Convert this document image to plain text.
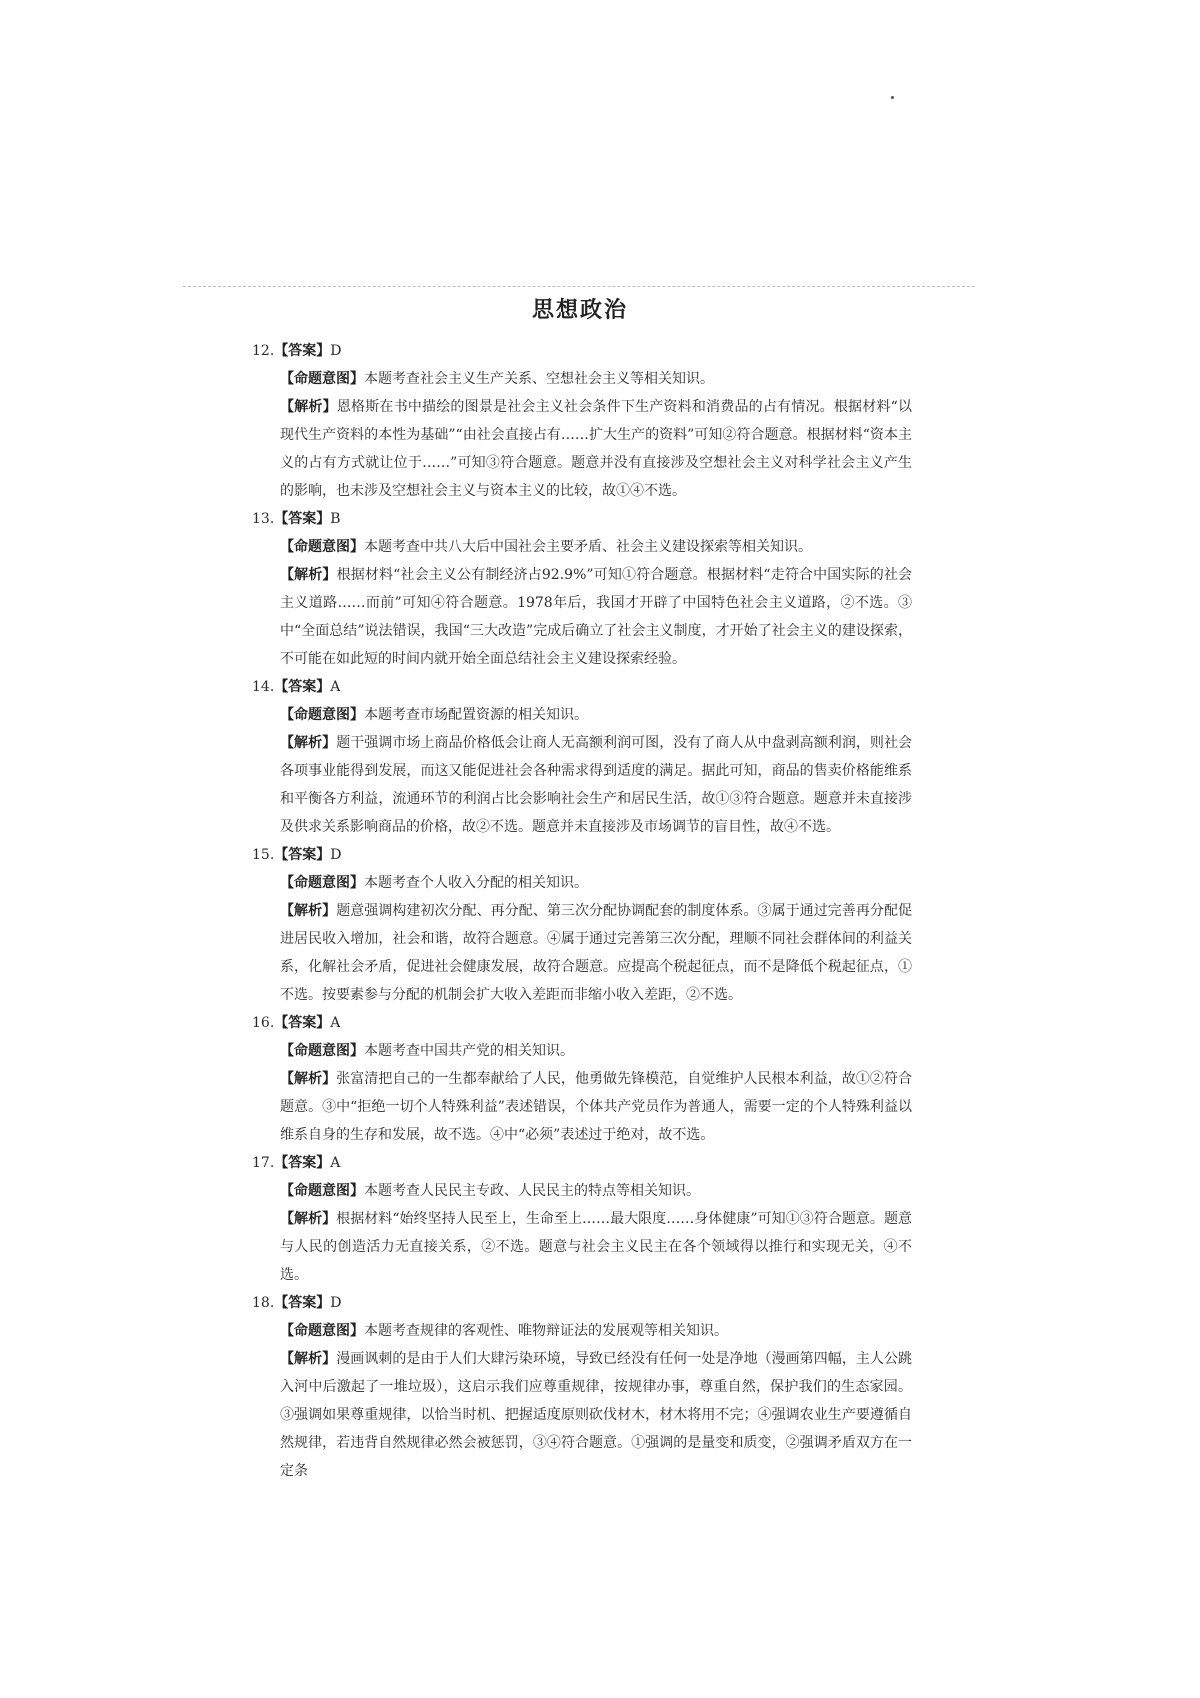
思想政治

12.【答案】D

【命题意图】本题考查社会主义生产关系、空想社会主义等相关知识。

【解析】恩格斯在书中描绘的图景是社会主义社会条件下生产资料和消费品的占有情况。根据材料“以现代生产资料的本性为基础”“由社会直接占有……扩大生产的资料”可知②符合题意。根据材料“资本主义的占有方式就让位于……”可知③符合题意。题意并没有直接涉及空想社会主义对科学社会主义产生的影响，也未涉及空想社会主义与资本主义的比较，故①④不选。

13.【答案】B

【命题意图】本题考查中共八大后中国社会主要矛盾、社会主义建设探索等相关知识。

【解析】根据材料“社会主义公有制经济占92.9%”可知①符合题意。根据材料“走符合中国实际的社会主义道路……而前”可知④符合题意。1978年后，我国才开辟了中国特色社会主义道路，②不选。③中“全面总结”说法错误，我国“三大改造”完成后确立了社会主义制度，才开始了社会主义的建设探索，不可能在如此短的时间内就开始全面总结社会主义建设探索经验。

14.【答案】A

【命题意图】本题考查市场配置资源的相关知识。

【解析】题干强调市场上商品价格低会让商人无高额利润可图，没有了商人从中盘剥高额利润，则社会各项事业能得到发展，而这又能促进社会各种需求得到适度的满足。据此可知，商品的售卖价格能维系和平衡各方利益，流通环节的利润占比会影响社会生产和居民生活，故①③符合题意。题意并未直接涉及供求关系影响商品的价格，故②不选。题意并未直接涉及市场调节的盲目性，故④不选。

15.【答案】D

【命题意图】本题考查个人收入分配的相关知识。

【解析】题意强调构建初次分配、再分配、第三次分配协调配套的制度体系。③属于通过完善再分配促进居民收入增加，社会和谐，故符合题意。④属于通过完善第三次分配，理顺不同社会群体间的利益关系，化解社会矛盾，促进社会健康发展，故符合题意。应提高个税起征点，而不是降低个税起征点，①不选。按要素参与分配的机制会扩大收入差距而非缩小收入差距，②不选。

16.【答案】A

【命题意图】本题考查中国共产党的相关知识。

【解析】张富清把自己的一生都奉献给了人民，他勇做先锋模范，自觉维护人民根本利益，故①②符合题意。③中“拒绝一切个人特殊利益”表述错误，个体共产党员作为普通人，需要一定的个人特殊利益以维系自身的生存和发展，故不选。④中“必须”表述过于绝对，故不选。

17.【答案】A

【命题意图】本题考查人民民主专政、人民民主的特点等相关知识。

【解析】根据材料“始终坚持人民至上，生命至上……最大限度……身体健康”可知①③符合题意。题意与人民的创造活力无直接关系，②不选。题意与社会主义民主在各个领域得以推行和实现无关，④不选。

18.【答案】D

【命题意图】本题考查规律的客观性、唯物辩证法的发展观等相关知识。

【解析】漫画讽刺的是由于人们大肆污染环境，导致已经没有任何一处是净地（漫画第四幅，主人公跳入河中后激起了一堆垃圾），这启示我们应尊重规律，按规律办事，尊重自然，保护我们的生态家园。③强调如果尊重规律，以恰当时机、把握适度原则砍伐材木，材木将用不完；④强调农业生产要遵循自然规律，若违背自然规律必然会被惩罚，③④符合题意。①强调的是量变和质变，②强调矛盾双方在一定条
